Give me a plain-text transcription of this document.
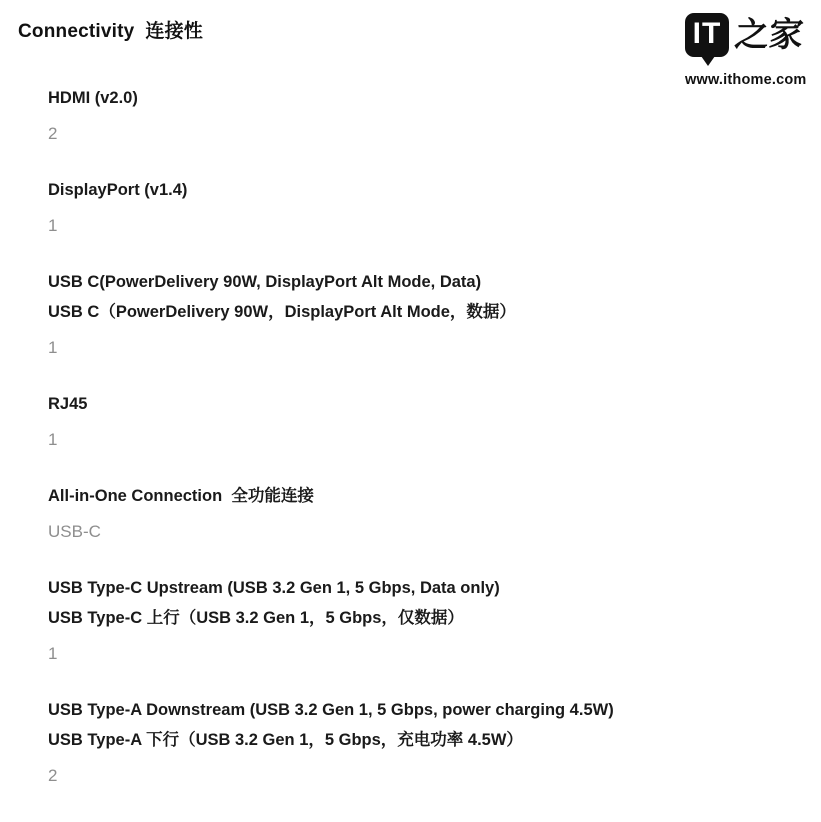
Connectivity  连接性	IT 之家
www.ithome.com
HDMI (v2.0)
2
DisplayPort (v1.4)
1
USB C(PowerDelivery 90W, DisplayPort Alt Mode, Data)
USB C（PowerDelivery 90W，DisplayPort Alt Mode，数据）
1
RJ45
1
All-in-One Connection  全功能连接
USB-C
USB Type-C Upstream (USB 3.2 Gen 1, 5 Gbps, Data only)
USB Type-C 上行（USB 3.2 Gen 1，5 Gbps，仅数据）
1
USB Type-A Downstream (USB 3.2 Gen 1, 5 Gbps, power charging 4.5W)
USB Type-A 下行（USB 3.2 Gen 1，5 Gbps，充电功率 4.5W）
2
